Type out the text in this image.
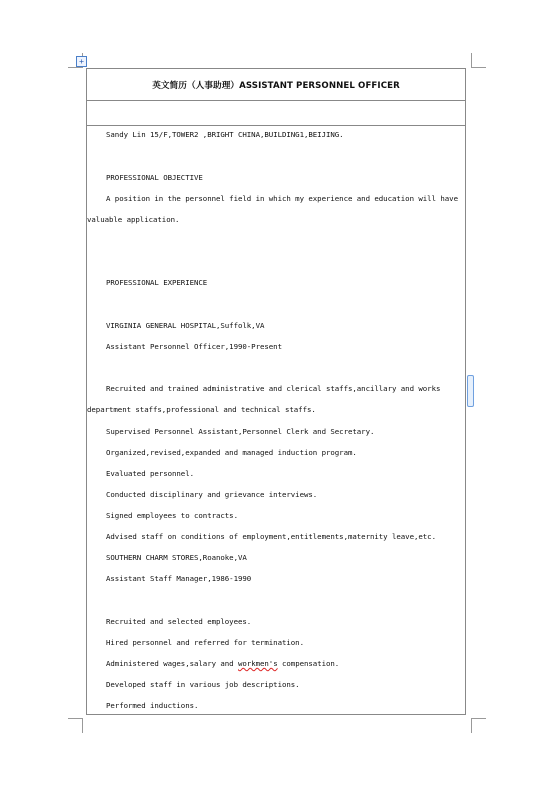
+
英文简历（人事助理）ASSISTANT PERSONNEL OFFICER
Sandy Lin 15/F,TOWER2 ,BRIGHT CHINA,BUILDING1,BEIJING.
PROFESSIONAL OBJECTIVE
A position in the personnel field in which my experience and education will have
valuable application.
PROFESSIONAL EXPERIENCE
VIRGINIA GENERAL HOSPITAL,Suffolk,VA
Assistant Personnel Officer,1990-Present
Recruited and trained administrative and clerical staffs,ancillary and works
department staffs,professional and technical staffs.
Supervised Personnel Assistant,Personnel Clerk and Secretary.
Organized,revised,expanded and managed induction program.
Evaluated personnel.
Conducted disciplinary and grievance interviews.
Signed employees to contracts.
Advised staff on conditions of employment,entitlements,maternity leave,etc.
SOUTHERN CHARM STORES,Roanoke,VA
Assistant Staff Manager,1986-1990
Recruited and selected employees.
Hired personnel and referred for termination.
Administered wages,salary and workmen's compensation.
Developed staff in various job descriptions.
Performed inductions.
